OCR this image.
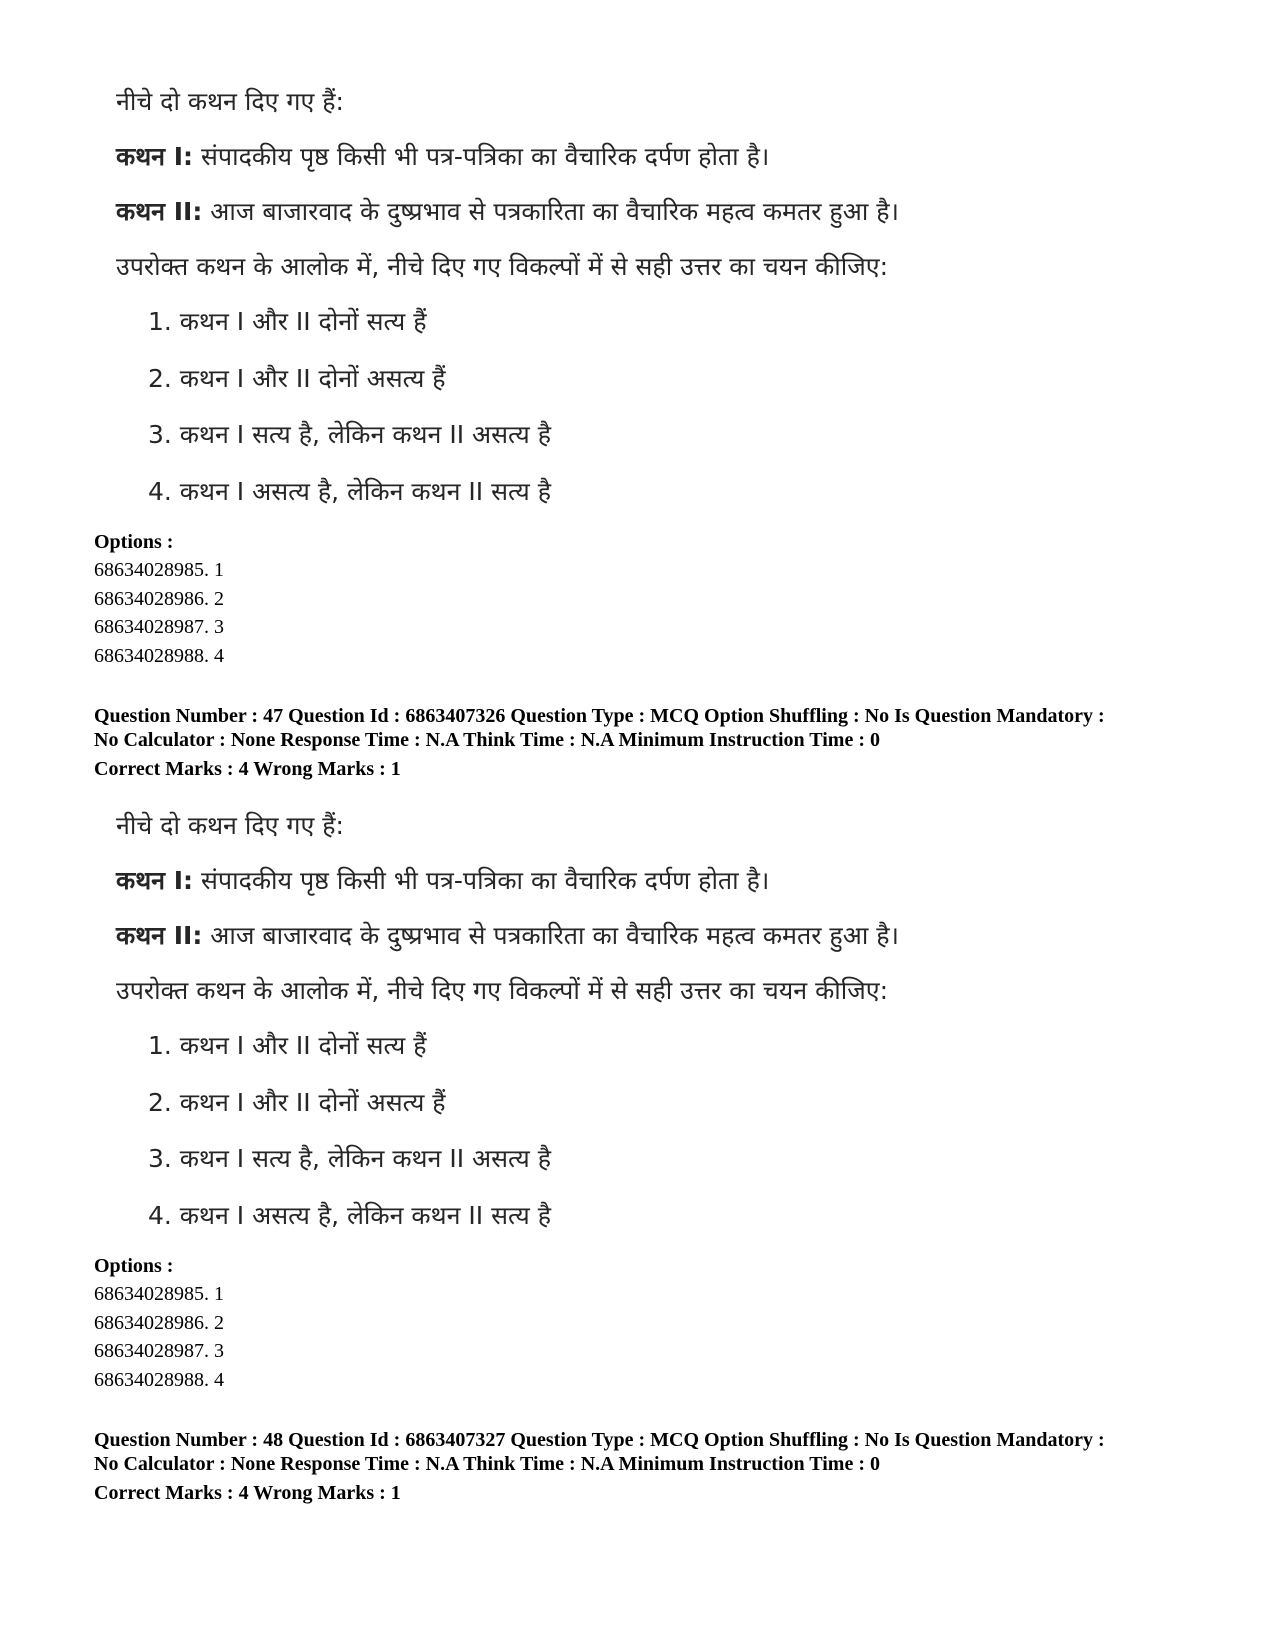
नीचे दो कथन दिए गए हैं:
कथन I: संपादकीय पृष्ठ किसी भी पत्र-पत्रिका का वैचारिक दर्पण होता है।
कथन II: आज बाजारवाद के दुष्प्रभाव से पत्रकारिता का वैचारिक महत्व कमतर हुआ है।
उपरोक्त कथन के आलोक में, नीचे दिए गए विकल्पों में से सही उत्तर का चयन कीजिए:
1. कथन I और II दोनों सत्य हैं
2. कथन I और II दोनों असत्य हैं
3. कथन I सत्य है, लेकिन कथन II असत्य है
4. कथन I असत्य है, लेकिन कथन II सत्य है
Options :
68634028985. 1
68634028986. 2
68634028987. 3
68634028988. 4
Question Number : 47 Question Id : 6863407326 Question Type : MCQ Option Shuffling : No Is Question Mandatory :
No Calculator : None Response Time : N.A Think Time : N.A Minimum Instruction Time : 0
Correct Marks : 4 Wrong Marks : 1
नीचे दो कथन दिए गए हैं:
कथन I: संपादकीय पृष्ठ किसी भी पत्र-पत्रिका का वैचारिक दर्पण होता है।
कथन II: आज बाजारवाद के दुष्प्रभाव से पत्रकारिता का वैचारिक महत्व कमतर हुआ है।
उपरोक्त कथन के आलोक में, नीचे दिए गए विकल्पों में से सही उत्तर का चयन कीजिए:
1. कथन I और II दोनों सत्य हैं
2. कथन I और II दोनों असत्य हैं
3. कथन I सत्य है, लेकिन कथन II असत्य है
4. कथन I असत्य है, लेकिन कथन II सत्य है
Options :
68634028985. 1
68634028986. 2
68634028987. 3
68634028988. 4
Question Number : 48 Question Id : 6863407327 Question Type : MCQ Option Shuffling : No Is Question Mandatory :
No Calculator : None Response Time : N.A Think Time : N.A Minimum Instruction Time : 0
Correct Marks : 4 Wrong Marks : 1
